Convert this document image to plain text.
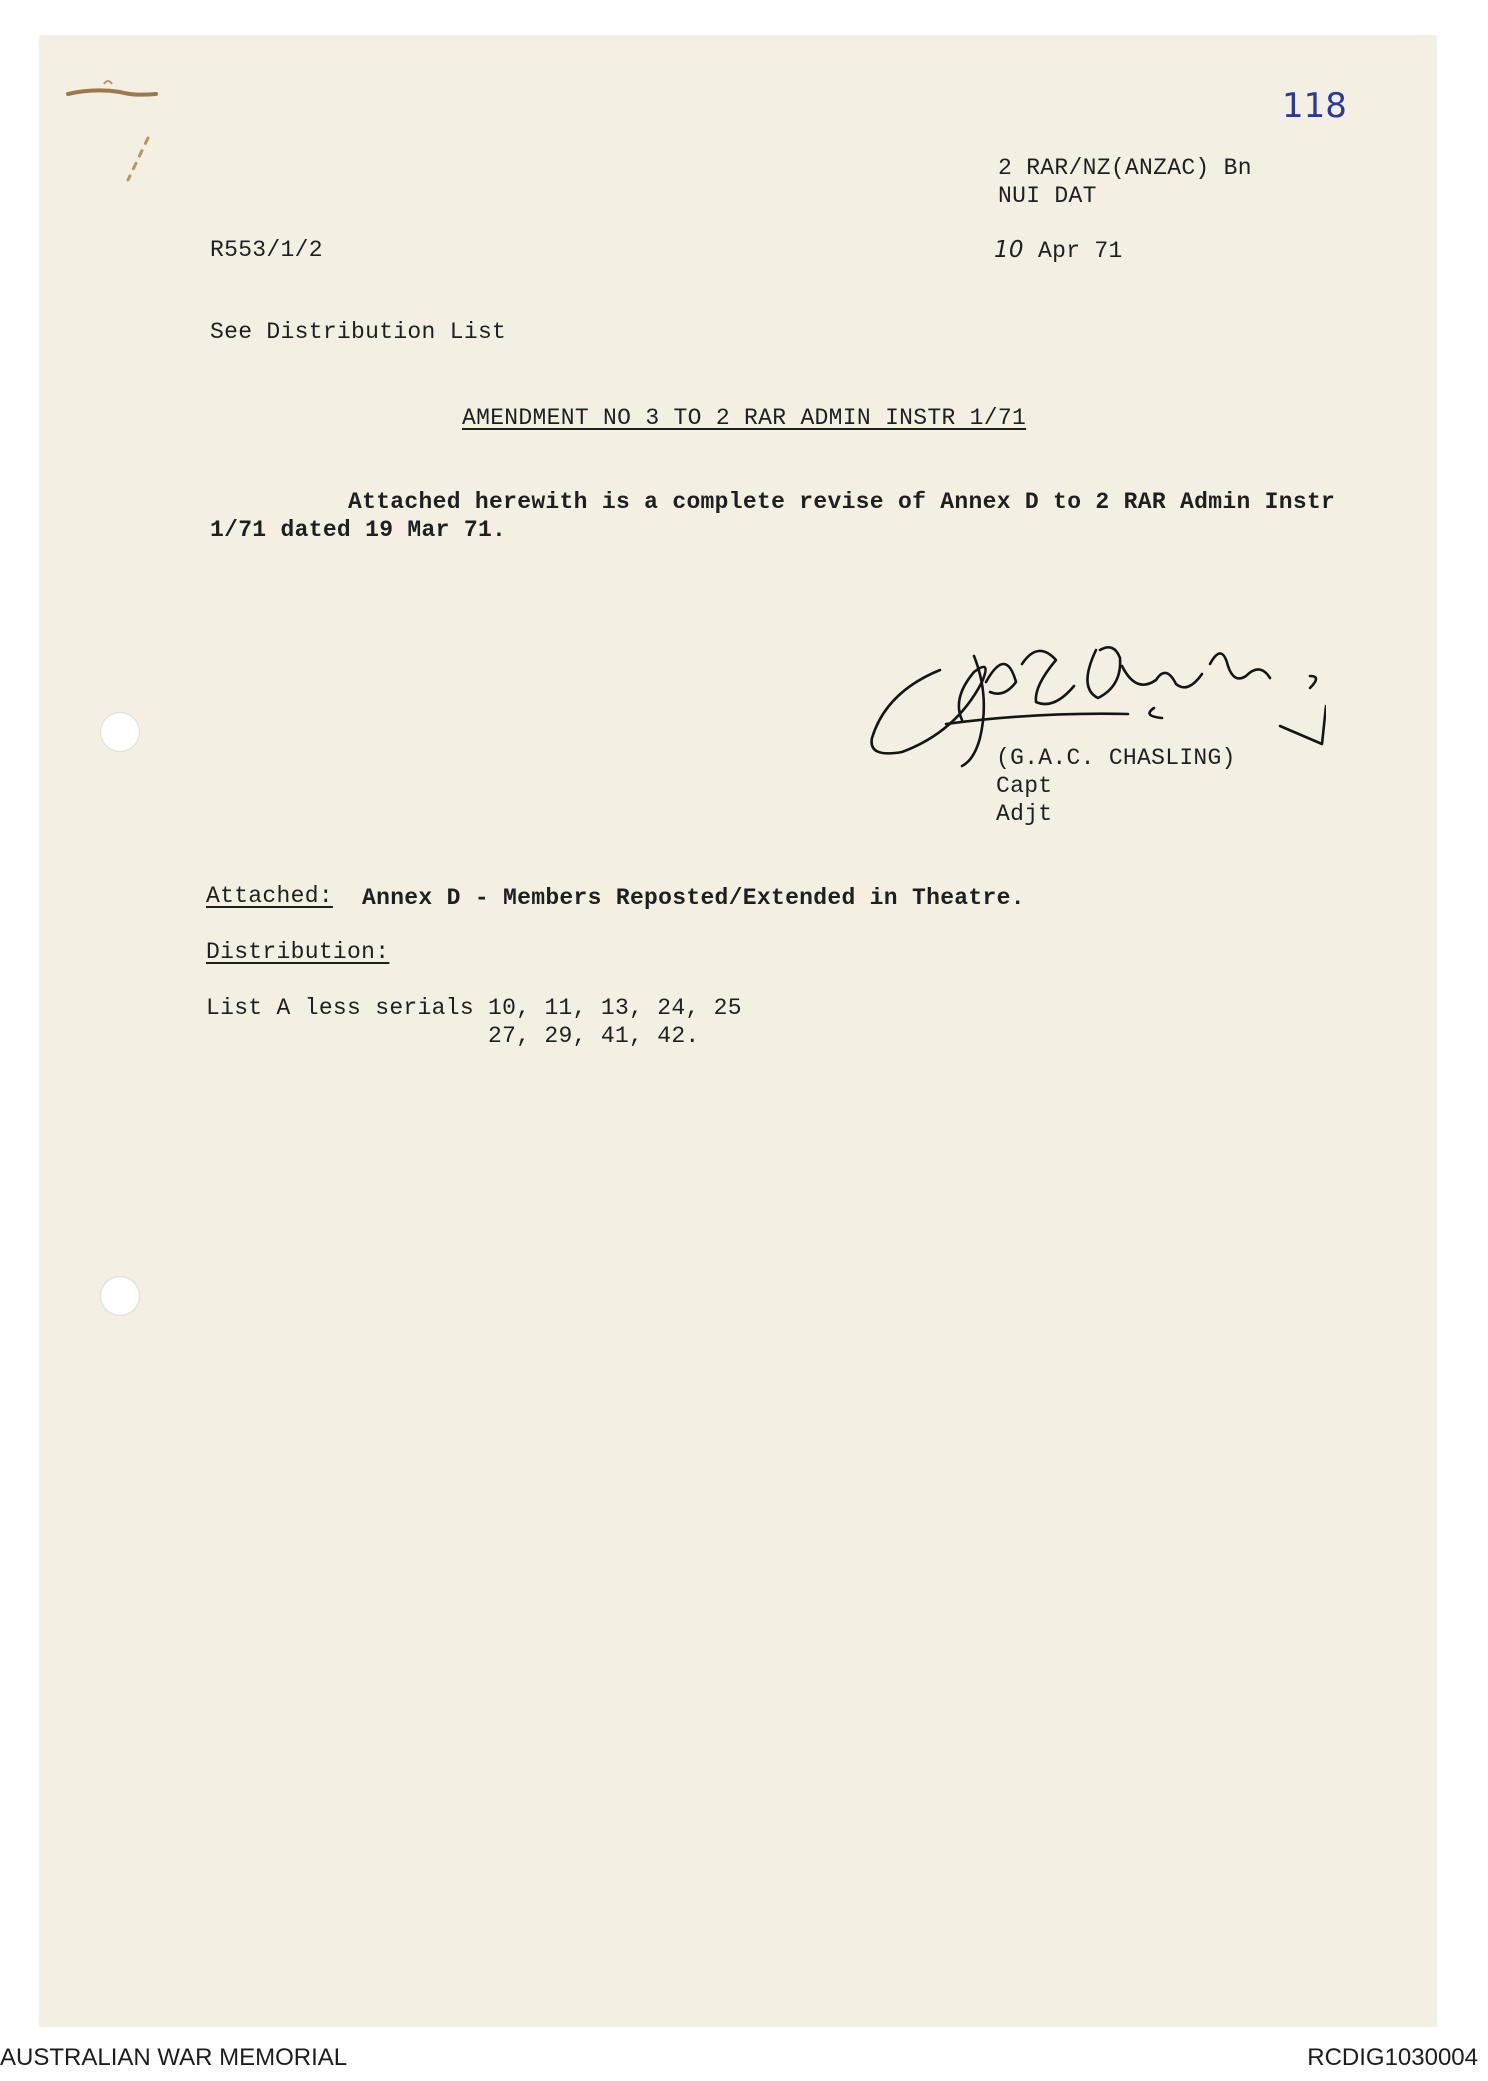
118
2 RAR/NZ(ANZAC) Bn
NUI DAT
R553/1/2	10 Apr 71
See Distribution List
AMENDMENT NO 3 TO 2 RAR ADMIN INSTR 1/71
Attached herewith is a complete revise of Annex D to 2 RAR Admin Instr
1/71 dated 19 Mar 71.
(G.A.C. CHASLING)
Capt
Adjt
Attached: Annex D - Members Reposted/Extended in Theatre.
Distribution:
List A less serials 10, 11, 13, 24, 25
27, 29, 41, 42.
AUSTRALIAN WAR MEMORIAL	RCDIG1030004
